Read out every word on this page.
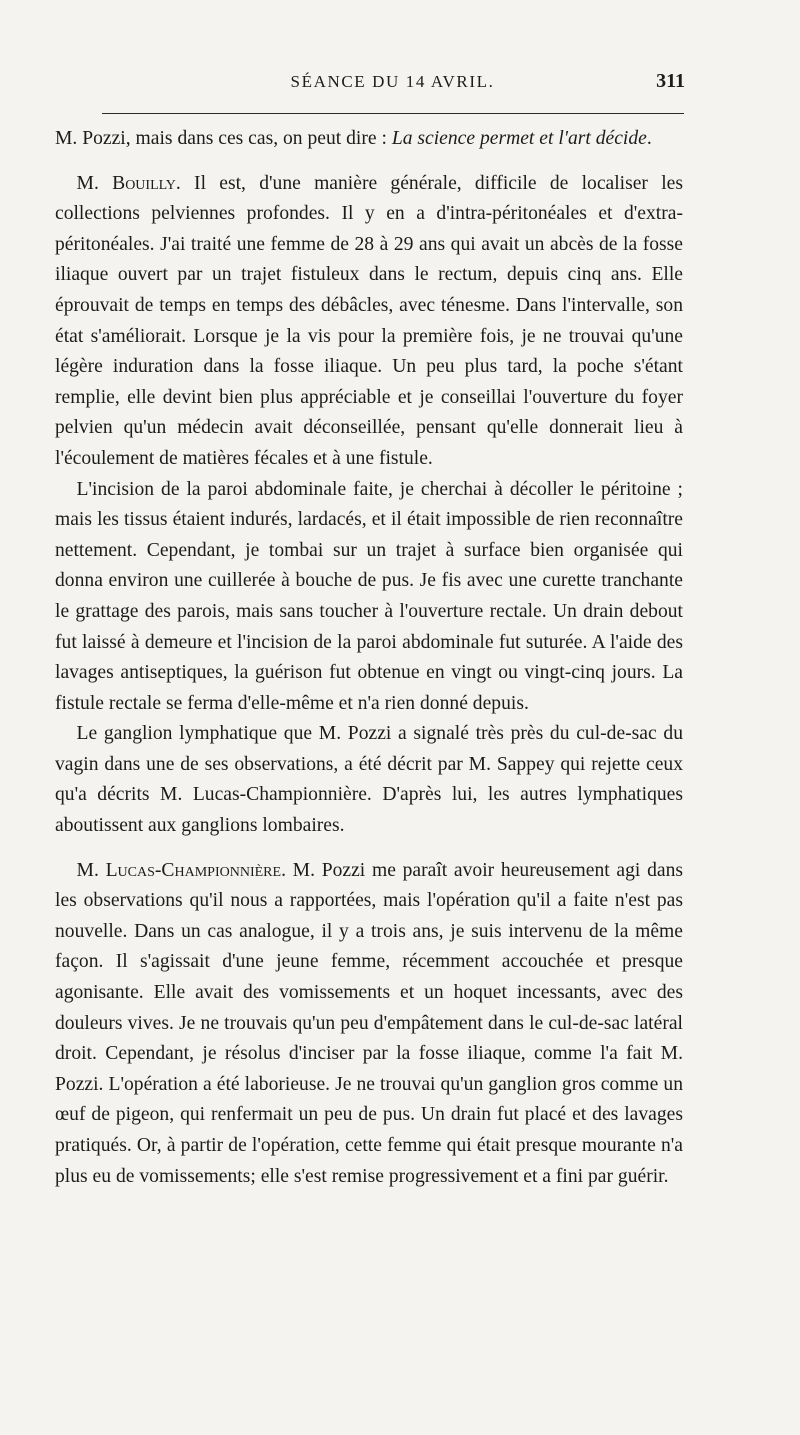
SÉANCE DU 14 AVRIL.	311

M. Pozzi, mais dans ces cas, on peut dire : La science permet et l'art décide.

M. Bouilly. Il est, d'une manière générale, difficile de localiser les collections pelviennes profondes. Il y en a d'intra-péritonéales et d'extra-péritonéales. J'ai traité une femme de 28 à 29 ans qui avait un abcès de la fosse iliaque ouvert par un trajet fistuleux dans le rectum, depuis cinq ans. Elle éprouvait de temps en temps des débâcles, avec ténesme. Dans l'intervalle, son état s'améliorait. Lorsque je la vis pour la première fois, je ne trouvai qu'une légère induration dans la fosse iliaque. Un peu plus tard, la poche s'étant remplie, elle devint bien plus appréciable et je conseillai l'ouverture du foyer pelvien qu'un médecin avait déconseillée, pensant qu'elle donnerait lieu à l'écoulement de matières fécales et à une fistule.

L'incision de la paroi abdominale faite, je cherchai à décoller le péritoine ; mais les tissus étaient indurés, lardacés, et il était impossible de rien reconnaître nettement. Cependant, je tombai sur un trajet à surface bien organisée qui donna environ une cuillerée à bouche de pus. Je fis avec une curette tranchante le grattage des parois, mais sans toucher à l'ouverture rectale. Un drain debout fut laissé à demeure et l'incision de la paroi abdominale fut suturée. A l'aide des lavages antiseptiques, la guérison fut obtenue en vingt ou vingt-cinq jours. La fistule rectale se ferma d'elle-même et n'a rien donné depuis.

Le ganglion lymphatique que M. Pozzi a signalé très près du cul-de-sac du vagin dans une de ses observations, a été décrit par M. Sappey qui rejette ceux qu'a décrits M. Lucas-Championnière. D'après lui, les autres lymphatiques aboutissent aux ganglions lombaires.

M. Lucas-Championnière. M. Pozzi me paraît avoir heureusement agi dans les observations qu'il nous a rapportées, mais l'opération qu'il a faite n'est pas nouvelle. Dans un cas analogue, il y a trois ans, je suis intervenu de la même façon. Il s'agissait d'une jeune femme, récemment accouchée et presque agonisante. Elle avait des vomissements et un hoquet incessants, avec des douleurs vives. Je ne trouvais qu'un peu d'empâtement dans le cul-de-sac latéral droit. Cependant, je résolus d'inciser par la fosse iliaque, comme l'a fait M. Pozzi. L'opération a été laborieuse. Je ne trouvai qu'un ganglion gros comme un œuf de pigeon, qui renfermait un peu de pus. Un drain fut placé et des lavages pratiqués. Or, à partir de l'opération, cette femme qui était presque mourante n'a plus eu de vomissements; elle s'est remise progressivement et a fini par guérir.
